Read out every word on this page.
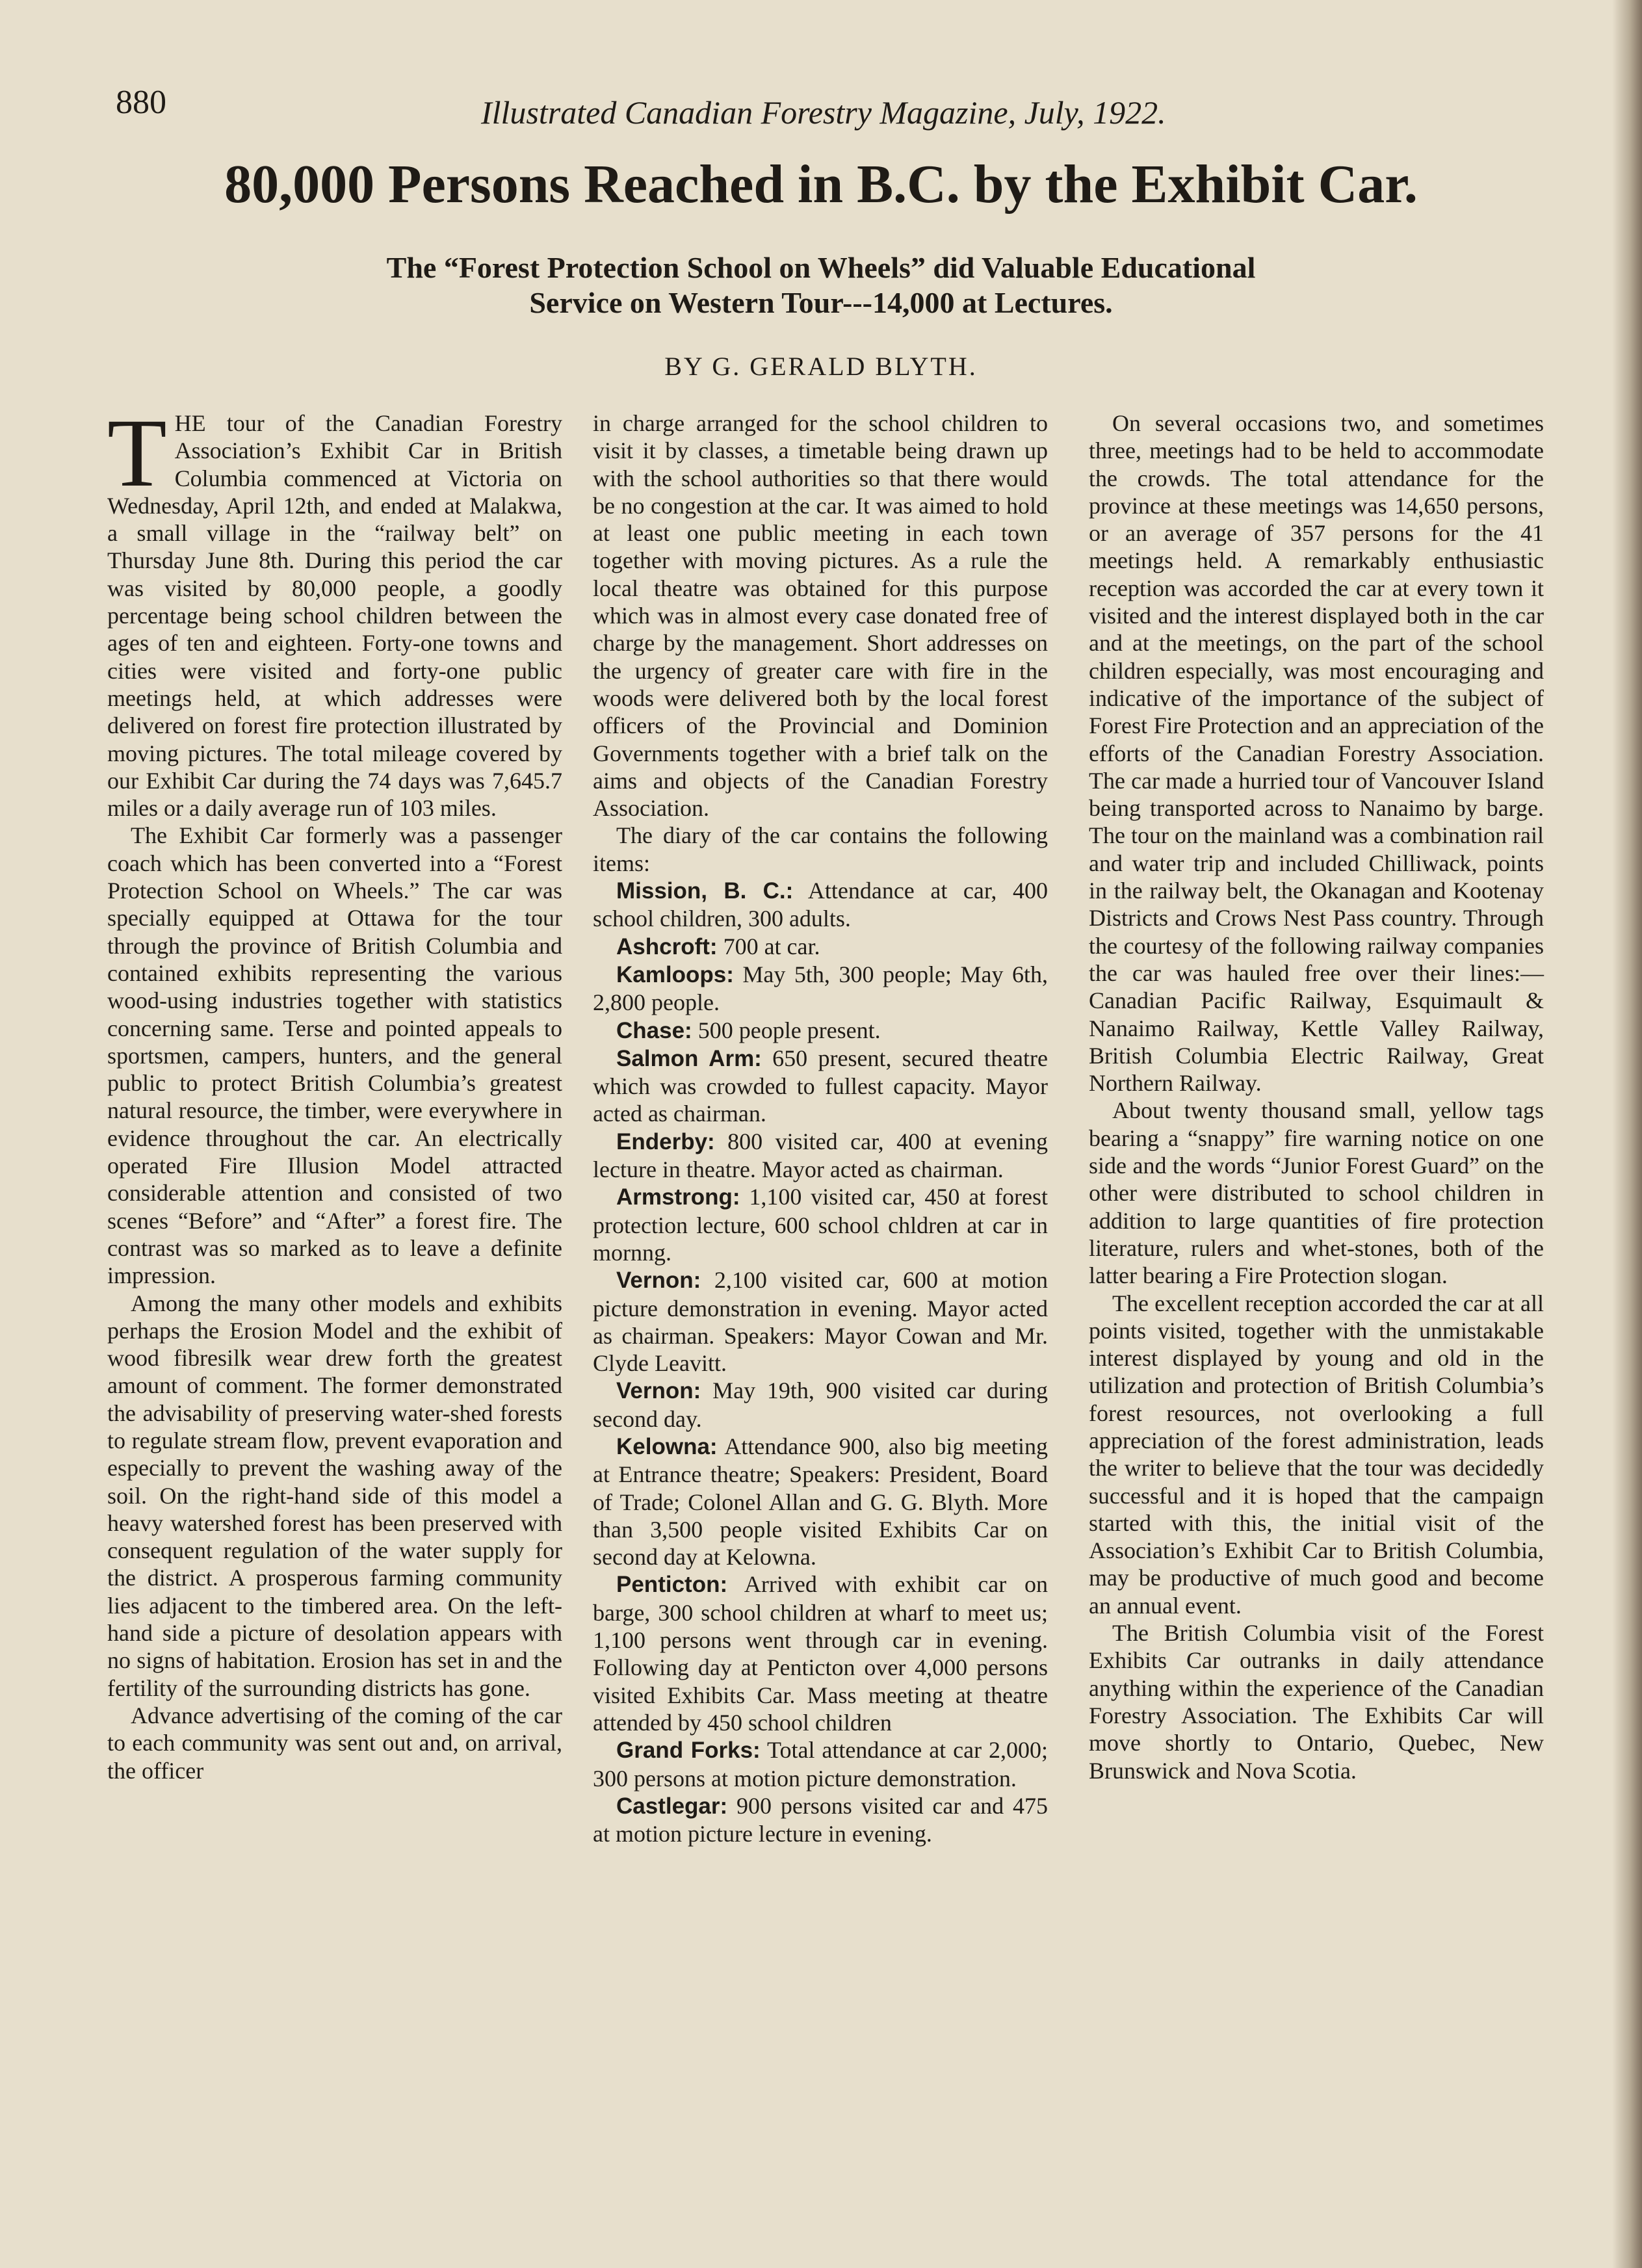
880	Illustrated Canadian Forestry Magazine, July, 1922.
80,000 Persons Reached in B.C. by the Exhibit Car.
The “Forest Protection School on Wheels” did Valuable Educational
Service on Western Tour---14,000 at Lectures.
BY G. GERALD BLYTH.

THE tour of the Canadian Forestry Association’s Exhibit Car in British Columbia commenced at Victoria on Wednesday, April 12th, and ended at Malakwa, a small village in the “railway belt” on Thursday June 8th. During this period the car was visited by 80,000 people, a goodly percentage being school children between the ages of ten and eighteen. Forty-one towns and cities were visited and forty-one public meetings held, at which addresses were delivered on forest fire protection illustrated by moving pictures. The total mileage covered by our Exhibit Car during the 74 days was 7,645.7 miles or a daily average run of 103 miles.

The Exhibit Car formerly was a passenger coach which has been converted into a “Forest Protection School on Wheels.” The car was specially equipped at Ottawa for the tour through the province of British Columbia and contained exhibits representing the various wood-using industries together with statistics concerning same. Terse and pointed appeals to sportsmen, campers, hunters, and the general public to protect British Columbia’s greatest natural resource, the timber, were everywhere in evidence throughout the car. An electrically operated Fire Illusion Model attracted considerable attention and consisted of two scenes “Before” and “After” a forest fire. The contrast was so marked as to leave a definite impression.

Among the many other models and exhibits perhaps the Erosion Model and the exhibit of wood fibresilk wear drew forth the greatest amount of comment. The former demonstrated the advisability of preserving water-shed forests to regulate stream flow, prevent evaporation and especially to prevent the washing away of the soil. On the right-hand side of this model a heavy watershed forest has been preserved with consequent regulation of the water supply for the district. A prosperous farming community lies adjacent to the timbered area. On the left-hand side a picture of desolation appears with no signs of habitation. Erosion has set in and the fertility of the surrounding districts has gone.

Advance advertising of the coming of the car to each community was sent out and, on arrival, the officer

in charge arranged for the school children to visit it by classes, a timetable being drawn up with the school authorities so that there would be no congestion at the car. It was aimed to hold at least one public meeting in each town together with moving pictures. As a rule the local theatre was obtained for this purpose which was in almost every case donated free of charge by the management. Short addresses on the urgency of greater care with fire in the woods were delivered both by the local forest officers of the Provincial and Dominion Governments together with a brief talk on the aims and objects of the Canadian Forestry Association.

The diary of the car contains the following items:

Mission, B. C.: Attendance at car, 400 school children, 300 adults.

Ashcroft: 700 at car.

Kamloops: May 5th, 300 people; May 6th, 2,800 people.

Chase: 500 people present.

Salmon Arm: 650 present, secured theatre which was crowded to fullest capacity. Mayor acted as chairman.

Enderby: 800 visited car, 400 at evening lecture in theatre. Mayor acted as chairman.

Armstrong: 1,100 visited car, 450 at forest protection lecture, 600 school chldren at car in mornng.

Vernon: 2,100 visited car, 600 at motion picture demonstration in evening. Mayor acted as chairman. Speakers: Mayor Cowan and Mr. Clyde Leavitt.

Vernon: May 19th, 900 visited car during second day.

Kelowna: Attendance 900, also big meeting at Entrance theatre; Speakers: President, Board of Trade; Colonel Allan and G. G. Blyth. More than 3,500 people visited Exhibits Car on second day at Kelowna.

Penticton: Arrived with exhibit car on barge, 300 school children at wharf to meet us; 1,100 persons went through car in evening. Following day at Penticton over 4,000 persons visited Exhibits Car. Mass meeting at theatre attended by 450 school children

Grand Forks: Total attendance at car 2,000; 300 persons at motion picture demonstration.

Castlegar: 900 persons visited car and 475 at motion picture lecture in evening.

On several occasions two, and sometimes three, meetings had to be held to accommodate the crowds. The total attendance for the province at these meetings was 14,650 persons, or an average of 357 persons for the 41 meetings held. A remarkably enthusiastic reception was accorded the car at every town it visited and the interest displayed both in the car and at the meetings, on the part of the school children especially, was most encouraging and indicative of the importance of the subject of Forest Fire Protection and an appreciation of the efforts of the Canadian Forestry Association. The car made a hurried tour of Vancouver Island being transported across to Nanaimo by barge. The tour on the mainland was a combination rail and water trip and included Chilliwack, points in the railway belt, the Okanagan and Kootenay Districts and Crows Nest Pass country. Through the courtesy of the following railway companies the car was hauled free over their lines:—Canadian Pacific Railway, Esquimault & Nanaimo Railway, Kettle Valley Railway, British Columbia Electric Railway, Great Northern Railway.

About twenty thousand small, yellow tags bearing a “snappy” fire warning notice on one side and the words “Junior Forest Guard” on the other were distributed to school children in addition to large quantities of fire protection literature, rulers and whet-stones, both of the latter bearing a Fire Protection slogan.

The excellent reception accorded the car at all points visited, together with the unmistakable interest displayed by young and old in the utilization and protection of British Columbia’s forest resources, not overlooking a full appreciation of the forest administration, leads the writer to believe that the tour was decidedly successful and it is hoped that the campaign started with this, the initial visit of the Association’s Exhibit Car to British Columbia, may be productive of much good and become an annual event.

The British Columbia visit of the Forest Exhibits Car outranks in daily attendance anything within the experience of the Canadian Forestry Association. The Exhibits Car will move shortly to Ontario, Quebec, New Brunswick and Nova Scotia.
